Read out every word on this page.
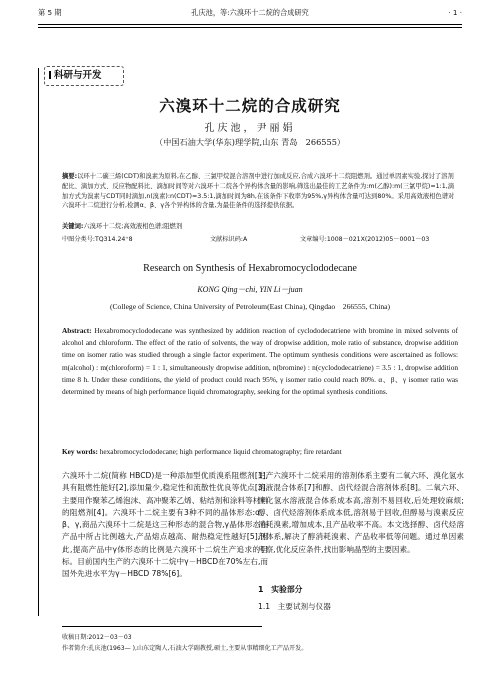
第 5 期	孔庆池，等:六溴环十二烷的合成研究	· 1 ·
科研与开发
六溴环十二烷的合成研究
孔庆池，尹丽娟
（中国石油大学(华东)理学院,山东 青岛　266555）
摘要:以环十二碳三烯(CDT)和溴素为原料,在乙醇、三氯甲烷混合溶剂中进行加成反应,合成六溴环十二烷阻燃剂。通过单因素实验,探讨了溶剂配比、滴加方式、反应物配料比、滴加时间等对六溴环十二烷各个异构体含量的影响,筛选出最佳的工艺条件为:m(乙醇):m(三氯甲烷)=1:1,滴加方式为溴素与CDT同时滴加,n(溴素):n(CDT)=3.5:1,滴加时间为8h,在该条件下收率为95%,γ异构体含量可达到80%。采用高效液相色谱对六溴环十二烷进行分析,检测α、β、γ各个异构体的含量,为最佳条件的选择提供依据。
关键词:六溴环十二烷;高效液相色谱;阻燃剂
中图分类号:TQ314.24⁺8	文献标识码:A	文章编号:1008－021X(2012)05－0001－03
Research on Synthesis of Hexabromocyclododecane
KONG Qing－chi, YIN Li－juan
(College of Science, China University of Petroleum(East China), Qingdao　266555, China)
Abstract: Hexabromocyclododecane was synthesized by addition reaction of cyclododecatriene with bromine in mixed solvents of alcohol and chloroform. The effect of the ratio of solvents, the way of dropwise addition, mole ratio of substance, dropwise addition time on isomer ratio was studied through a single factor experiment. The optimum synthesis conditions were ascertained as follows: m(alcohol) : m(chloroform) = 1 : 1, simultaneously dropwise addition, n(bromine) : n(cyclododecatriene) = 3.5 : 1, dropwise addition time 8 h. Under these conditions, the yield of product could reach 95%, γ isomer ratio could reach 80%. α、β、γ isomer ratio was determined by means of high performance liquid chromatography, seeking for the optimal synthesis conditions.
Key words: hexabromocyclododecane; high performance liquid chromatography; fire retardant
六溴环十二烷(简称 HBCD)是一种添加型优质溴系阻燃剂[1],具有阻燃性能好[2],添加量少,稳定性和流散性优良等优点[3],主要用作聚苯乙烯泡沫、高冲聚苯乙烯、粘结剂和涂料等材料的阻燃剂[4]。六溴环十二烷主要有3种不同的晶体形态:α、β、γ,商品六溴环十二烷是这三种形态的混合物,γ晶体形态在产品中所占比例越大,产品熔点越高、耐热稳定性越好[5],因此,提高产品中γ体形态的比例是六溴环十二烷生产追求的目标。目前国内生产的六溴环十二烷中γ－HBCD在70%左右,而国外先进水平为γ－HBCD 78%[6]。
生产六溴环十二烷采用的溶剂体系主要有二氧六环、溴化氢水溶液混合体系[7]和醇、卤代烃混合溶剂体系[8]。二氧六环、溴化氢水溶液混合体系成本高,溶剂不易回收,后处理较麻烦;醇、卤代烃溶剂体系成本低,溶剂易于回收,但醇易与溴素反应消耗溴素,增加成本,且产品收率不高。本文选择醇、卤代烃溶剂体系,解决了醇消耗溴素、产品收率低等问题。通过单因素考察,优化反应条件,找出影响晶型的主要因素。
1　实验部分
1.1　主要试剂与仪器
收稿日期:2012－03－03
作者简介:孔庆池(1963— ),山东定陶人,石油大学副教授,硕士,主要从事精细化工产品开发。
